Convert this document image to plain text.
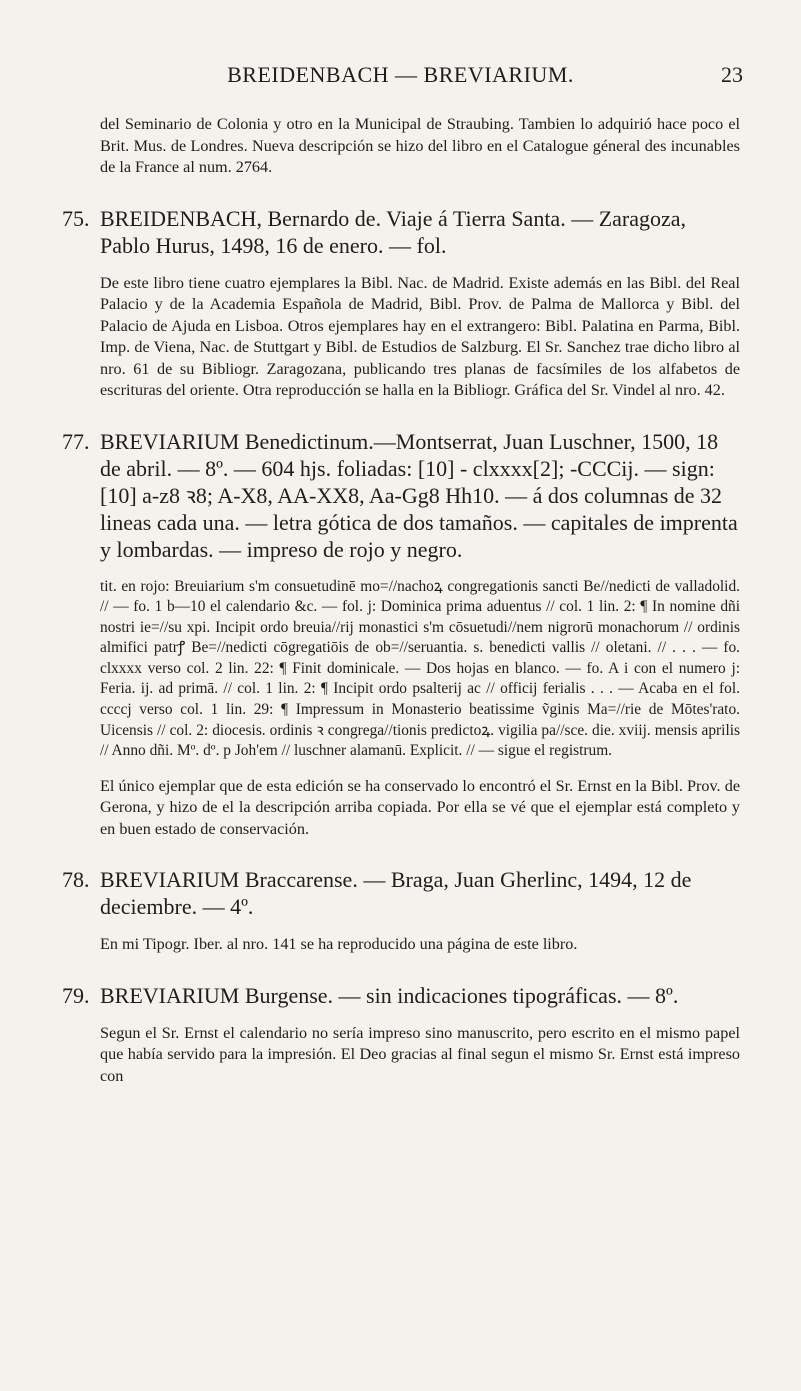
BREIDENBACH — BREVIARIUM.	23

del Seminario de Colonia y otro en la Municipal de Straubing. Tambien lo adquirió hace poco el Brit. Mus. de Londres. Nueva descripción se hizo del libro en el Catalogue géneral des incunables de la France al num. 2764.

75. BREIDENBACH, Bernardo de. Viaje á Tierra Santa. — Zaragoza, Pablo Hurus, 1498, 16 de enero. — fol.

De este libro tiene cuatro ejemplares la Bibl. Nac. de Madrid. Existe además en las Bibl. del Real Palacio y de la Academia Española de Madrid, Bibl. Prov. de Palma de Mallorca y Bibl. del Palacio de Ajuda en Lisboa. Otros ejemplares hay en el extrangero: Bibl. Palatina en Parma, Bibl. Imp. de Viena, Nac. de Stuttgart y Bibl. de Estudios de Salzburg. El Sr. Sanchez trae dicho libro al nro. 61 de su Bibliogr. Zaragozana, publicando tres planas de facsímiles de los alfabetos de escrituras del oriente. Otra reproducción se halla en la Bibliogr. Gráfica del Sr. Vindel al nro. 42.

77. BREVIARIUM Benedictinum.—Montserrat, Juan Luschner, 1500, 18 de abril. — 8º. — 604 hjs. foliadas: [10] - clxxxx[2]; -CCCij. — sign: [10] a-z8 ꝛ8; A-X8, AA-XX8, Aa-Gg8 Hh10. — á dos columnas de 32 lineas cada una. — letra gótica de dos tamaños. — capitales de imprenta y lombardas. — impreso de rojo y negro.

tit. en rojo: Breuiarium s'm consuetudinē mo=//nachoꝝ congregationis sancti Be//nedicti de valladolid. // — fo. 1 b—10 el calendario &c. — fol. j: Dominica prima aduentus // col. 1 lin. 2: ¶ In nomine dñi nostri ie=//su xpi. Incipit ordo breuia//rij monastici s'm cōsuetudi//nem nigrorū monachorum // ordinis almifici patrꝭ Be=//nedicti cōgregatiōis de ob=//seruantia. s. benedicti vallis // oletani. // . . . — fo. clxxxx verso col. 2 lin. 22: ¶ Finit dominicale. — Dos hojas en blanco. — fo. A i con el numero j: Feria. ij. ad primā. // col. 1 lin. 2: ¶ Incipit ordo psalterij ac // officij ferialis . . . — Acaba en el fol. ccccj verso col. 1 lin. 29: ¶ Impressum in Monasterio beatissime ṽginis Ma=//rie de Mōtes'rato. Uicensis // col. 2: diocesis. ordinis ꝛ congrega//tionis predictoꝝ. vigilia pa//sce. die. xviij. mensis aprilis // Anno dñi. Mº. dº. p Joh'em // luschner alamanū. Explicit. // — sigue el registrum.

El único ejemplar que de esta edición se ha conservado lo encontró el Sr. Ernst en la Bibl. Prov. de Gerona, y hizo de el la descripción arriba copiada. Por ella se vé que el ejemplar está completo y en buen estado de conservación.

78. BREVIARIUM Braccarense. — Braga, Juan Gherlinc, 1494, 12 de deciembre. — 4º.

En mi Tipogr. Iber. al nro. 141 se ha reproducido una página de este libro.

79. BREVIARIUM Burgense. — sin indicaciones tipográficas. — 8º.

Segun el Sr. Ernst el calendario no sería impreso sino manuscrito, pero escrito en el mismo papel que había servido para la impresión. El Deo gracias al final segun el mismo Sr. Ernst está impreso con
